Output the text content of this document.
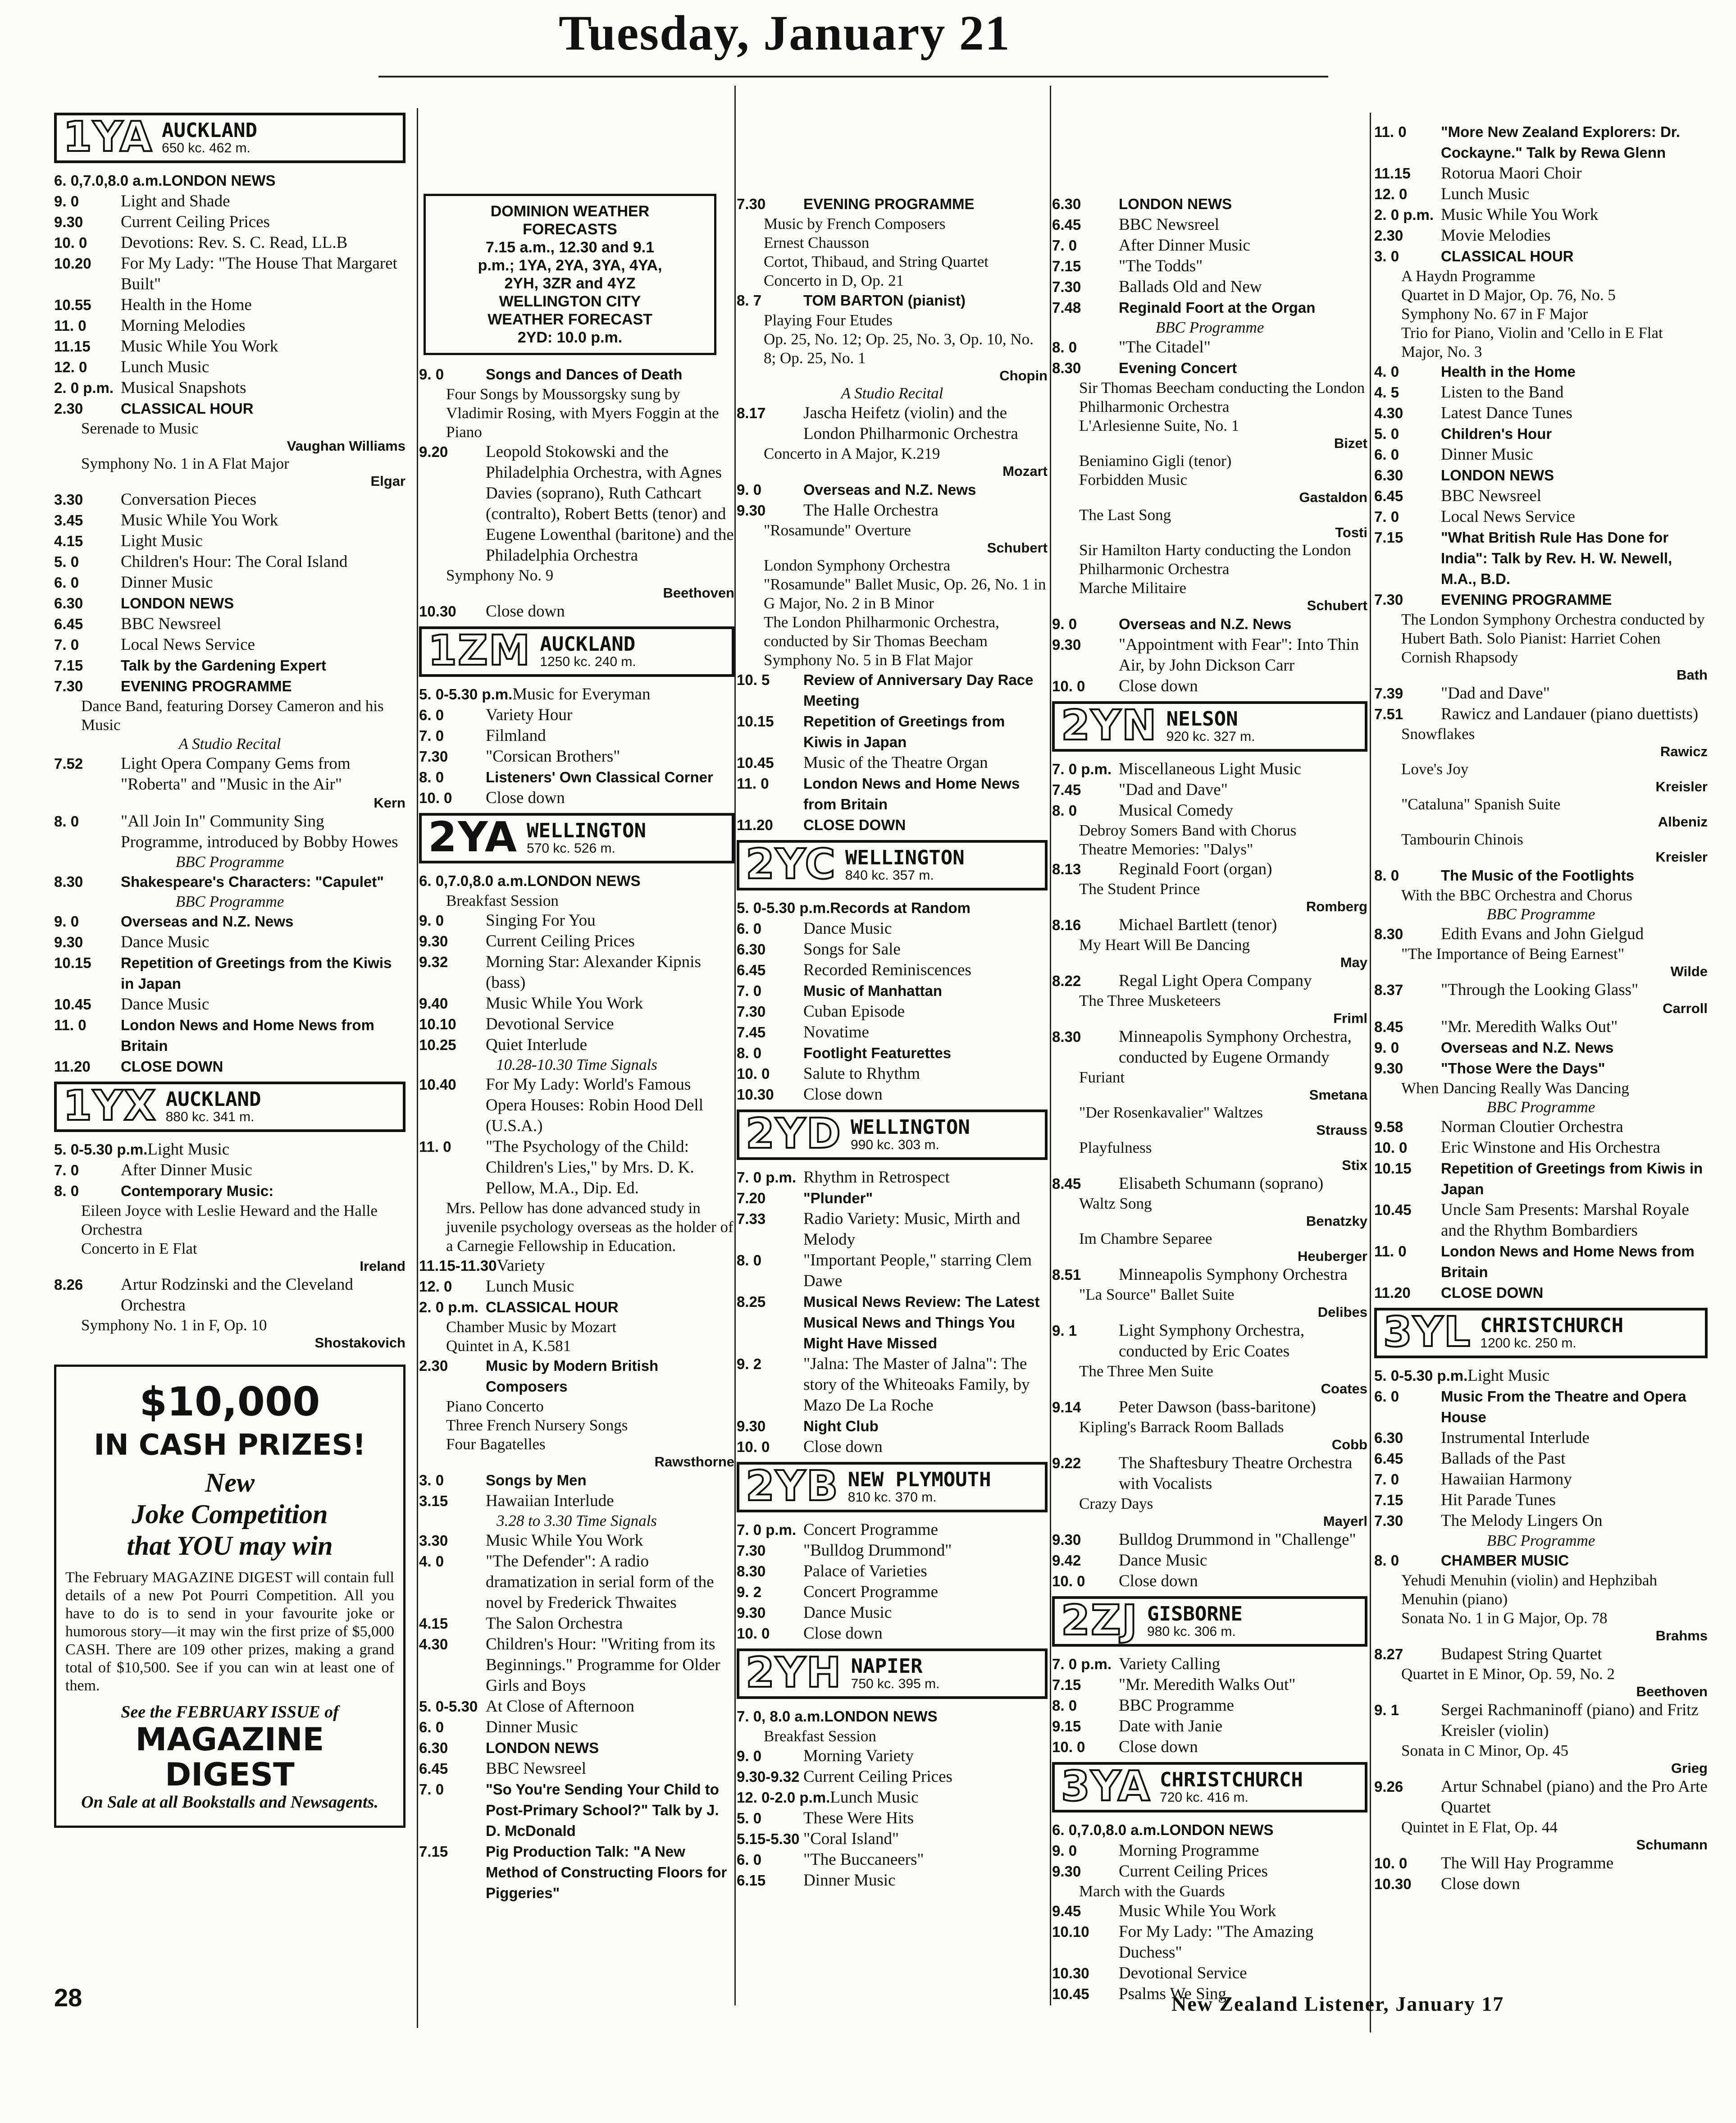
Tuesday, January 21
1YA AUCKLAND
650 kc. 462 m.
6. 0,7.0,8.0 a.m. LONDON NEWS
9. 0	Light and Shade
9.30	Current Ceiling Prices
10. 0	Devotions: Rev. S. C. Read, LL.B
10.20	For My Lady: "The House That Margaret Built"
10.55	Health in the Home
11. 0	Morning Melodies
11.15	Music While You Work
12. 0	Lunch Music
2. 0 p.m. Musical Snapshots
2.30	CLASSICAL HOUR
Serenade to Music
Vaughan Williams
Symphony No. 1 in A Flat Major
Elgar
3.30	Conversation Pieces
3.45	Music While You Work
4.15	Light Music
5. 0	Children's Hour: The Coral Island
6. 0	Dinner Music
6.30	LONDON NEWS
6.45	BBC Newsreel
7. 0	Local News Service
7.15	Talk by the Gardening Expert
7.30	EVENING PROGRAMME
Dance Band, featuring Dorsey Cameron and his Music
A Studio Recital
7.52	Light Opera Company Gems from "Roberta" and "Music in the Air"
Kern
8. 0	"All Join In" Community Sing Programme, introduced by Bobby Howes
BBC Programme
8.30	Shakespeare's Characters: "Capulet"
BBC Programme
9. 0	Overseas and N.Z. News
9.30	Dance Music
10.15	Repetition of Greetings from the Kiwis in Japan
10.45	Dance Music
11. 0	London News and Home News from Britain
11.20	CLOSE DOWN
1YX AUCKLAND
880 kc. 341 m.
5. 0-5.30 p.m. Light Music
7. 0	After Dinner Music
8. 0	Contemporary Music:
Eileen Joyce with Leslie Heward and the Halle Orchestra
Concerto in E Flat
Ireland
8.26	Artur Rodzinski and the Cleveland Orchestra
Symphony No. 1 in F, Op. 10
Shostakovich
$10,000
IN CASH PRIZES!
New
Joke Competition
that YOU may win
The February MAGAZINE DIGEST will contain full details of a new Pot Pourri Competition. All you have to do is to send in your favourite joke or humorous story—it may win the first prize of $5,000 CASH. There are 109 other prizes, making a grand total of $10,500. See if you can win at least one of them.
See the FEBRUARY ISSUE of
MAGAZINE
DIGEST
On Sale at all Bookstalls and Newsagents.
DOMINION WEATHER
FORECASTS
7.15 a.m., 12.30 and 9.1
p.m.; 1YA, 2YA, 3YA, 4YA,
2YH, 3ZR and 4YZ
WELLINGTON CITY
WEATHER FORECAST
2YD: 10.0 p.m.
9. 0	Songs and Dances of Death
Four Songs by Moussorgsky sung by Vladimir Rosing, with Myers Foggin at the Piano
9.20	Leopold Stokowski and the Philadelphia Orchestra, with Agnes Davies (soprano), Ruth Cathcart (contralto), Robert Betts (tenor) and Eugene Lowenthal (baritone) and the Philadelphia Orchestra
Symphony No. 9
Beethoven
10.30	Close down
1ZM AUCKLAND
1250 kc. 240 m.
5. 0-5.30 p.m. Music for Everyman
6. 0	Variety Hour
7. 0	Filmland
7.30	"Corsican Brothers"
8. 0	Listeners' Own Classical Corner
10. 0	Close down
2YA WELLINGTON
570 kc. 526 m.
6. 0,7.0,8.0 a.m. LONDON NEWS
Breakfast Session
9. 0	Singing For You
9.30	Current Ceiling Prices
9.32	Morning Star: Alexander Kipnis (bass)
9.40	Music While You Work
10.10	Devotional Service
10.25	Quiet Interlude
10.28-10.30 Time Signals
10.40	For My Lady: World's Famous Opera Houses: Robin Hood Dell (U.S.A.)
11. 0	"The Psychology of the Child: Children's Lies," by Mrs. D. K. Pellow, M.A., Dip. Ed.
Mrs. Pellow has done advanced study in juvenile psychology overseas as the holder of a Carnegie Fellowship in Education.
11.15-11.30 Variety
12. 0	Lunch Music
2. 0 p.m. CLASSICAL HOUR
Chamber Music by Mozart
Quintet in A, K.581
2.30	Music by Modern British Composers
Piano Concerto
Three French Nursery Songs
Four Bagatelles
Rawsthorne
3. 0	Songs by Men
3.15	Hawaiian Interlude
3.28 to 3.30 Time Signals
3.30	Music While You Work
4. 0	"The Defender": A radio dramatization in serial form of the novel by Frederick Thwaites
4.15	The Salon Orchestra
4.30	Children's Hour: "Writing from its Beginnings." Programme for Older Girls and Boys
5. 0-5.30 At Close of Afternoon
6. 0	Dinner Music
6.30	LONDON NEWS
6.45	BBC Newsreel
7. 0	"So You're Sending Your Child to Post-Primary School?" Talk by J. D. McDonald
7.15	Pig Production Talk: "A New Method of Constructing Floors for Piggeries"
7.30	EVENING PROGRAMME
Music by French Composers
Ernest Chausson
Cortot, Thibaud, and String Quartet
Concerto in D, Op. 21
8. 7	TOM BARTON (pianist)
Playing Four Etudes
Op. 25, No. 12; Op. 25, No. 3, Op. 10, No. 8; Op. 25, No. 1
Chopin
A Studio Recital
8.17	Jascha Heifetz (violin) and the London Philharmonic Orchestra
Concerto in A Major, K.219
Mozart
9. 0	Overseas and N.Z. News
9.30	The Halle Orchestra
"Rosamunde" Overture
Schubert
London Symphony Orchestra
"Rosamunde" Ballet Music, Op. 26, No. 1 in G Major, No. 2 in B Minor
The London Philharmonic Orchestra, conducted by Sir Thomas Beecham
Symphony No. 5 in B Flat Major
10. 5	Review of Anniversary Day Race Meeting
10.15	Repetition of Greetings from Kiwis in Japan
10.45	Music of the Theatre Organ
11. 0	London News and Home News from Britain
11.20	CLOSE DOWN
2YC WELLINGTON
840 kc. 357 m.
5. 0-5.30 p.m. Records at Random
6. 0	Dance Music
6.30	Songs for Sale
6.45	Recorded Reminiscences
7. 0	Music of Manhattan
7.30	Cuban Episode
7.45	Novatime
8. 0	Footlight Featurettes
10. 0	Salute to Rhythm
10.30	Close down
2YD WELLINGTON
990 kc. 303 m.
7. 0 p.m. Rhythm in Retrospect
7.20	"Plunder"
7.33	Radio Variety: Music, Mirth and Melody
8. 0	"Important People," starring Clem Dawe
8.25	Musical News Review: The Latest Musical News and Things You Might Have Missed
9. 2	"Jalna: The Master of Jalna": The story of the Whiteoaks Family, by Mazo De La Roche
9.30	Night Club
10. 0	Close down
2YB NEW PLYMOUTH
810 kc. 370 m.
7. 0 p.m. Concert Programme
7.30	"Bulldog Drummond"
8.30	Palace of Varieties
9. 2	Concert Programme
9.30	Dance Music
10. 0	Close down
2YH NAPIER
750 kc. 395 m.
7. 0, 8.0 a.m. LONDON NEWS
Breakfast Session
9. 0	Morning Variety
9.30-9.32 Current Ceiling Prices
12. 0-2.0 p.m. Lunch Music
5. 0	These Were Hits
5.15-5.30 "Coral Island"
6. 0	"The Buccaneers"
6.15	Dinner Music
6.30	LONDON NEWS
6.45	BBC Newsreel
7. 0	After Dinner Music
7.15	"The Todds"
7.30	Ballads Old and New
7.48	Reginald Foort at the Organ
BBC Programme
8. 0	"The Citadel"
8.30	Evening Concert
Sir Thomas Beecham conducting the London Philharmonic Orchestra
L'Arlesienne Suite, No. 1
Bizet
Beniamino Gigli (tenor)
Forbidden Music
Gastaldon
The Last Song
Tosti
Sir Hamilton Harty conducting the London Philharmonic Orchestra
Marche Militaire
Schubert
9. 0	Overseas and N.Z. News
9.30	"Appointment with Fear": Into Thin Air, by John Dickson Carr
10. 0	Close down
2YN NELSON
920 kc. 327 m.
7. 0 p.m. Miscellaneous Light Music
7.45	"Dad and Dave"
8. 0	Musical Comedy
Debroy Somers Band with Chorus
Theatre Memories: "Dalys"
8.13	Reginald Foort (organ)
The Student Prince
Romberg
8.16	Michael Bartlett (tenor)
My Heart Will Be Dancing
May
8.22	Regal Light Opera Company
The Three Musketeers
Friml
8.30	Minneapolis Symphony Orchestra, conducted by Eugene Ormandy
Furiant
Smetana
"Der Rosenkavalier" Waltzes
Strauss
Playfulness
Stix
8.45	Elisabeth Schumann (soprano)
Waltz Song
Benatzky
Im Chambre Separee
Heuberger
8.51	Minneapolis Symphony Orchestra
"La Source" Ballet Suite
Delibes
9. 1	Light Symphony Orchestra, conducted by Eric Coates
The Three Men Suite
Coates
9.14	Peter Dawson (bass-baritone)
Kipling's Barrack Room Ballads
Cobb
9.22	The Shaftesbury Theatre Orchestra with Vocalists
Crazy Days
Mayerl
9.30	Bulldog Drummond in "Challenge"
9.42	Dance Music
10. 0	Close down
2ZJ GISBORNE
980 kc. 306 m.
7. 0 p.m. Variety Calling
7.15	"Mr. Meredith Walks Out"
8. 0	BBC Programme
9.15	Date with Janie
10. 0	Close down
3YA CHRISTCHURCH
720 kc. 416 m.
6. 0,7.0,8.0 a.m. LONDON NEWS
9. 0	Morning Programme
9.30	Current Ceiling Prices
March with the Guards
9.45	Music While You Work
10.10	For My Lady: "The Amazing Duchess"
10.30	Devotional Service
10.45	Psalms We Sing
11. 0	"More New Zealand Explorers: Dr. Cockayne." Talk by Rewa Glenn
11.15	Rotorua Maori Choir
12. 0	Lunch Music
2. 0 p.m. Music While You Work
2.30	Movie Melodies
3. 0	CLASSICAL HOUR
A Haydn Programme
Quartet in D Major, Op. 76, No. 5
Symphony No. 67 in F Major
Trio for Piano, Violin and 'Cello in E Flat Major, No. 3
4. 0	Health in the Home
4. 5	Listen to the Band
4.30	Latest Dance Tunes
5. 0	Children's Hour
6. 0	Dinner Music
6.30	LONDON NEWS
6.45	BBC Newsreel
7. 0	Local News Service
7.15	"What British Rule Has Done for India": Talk by Rev. H. W. Newell, M.A., B.D.
7.30	EVENING PROGRAMME
The London Symphony Orchestra conducted by Hubert Bath. Solo Pianist: Harriet Cohen
Cornish Rhapsody
Bath
7.39	"Dad and Dave"
7.51	Rawicz and Landauer (piano duettists)
Snowflakes
Rawicz
Love's Joy
Kreisler
"Cataluna" Spanish Suite
Albeniz
Tambourin Chinois
Kreisler
8. 0	The Music of the Footlights
With the BBC Orchestra and Chorus
BBC Programme
8.30	Edith Evans and John Gielgud
"The Importance of Being Earnest"
Wilde
8.37	"Through the Looking Glass"
Carroll
8.45	"Mr. Meredith Walks Out"
9. 0	Overseas and N.Z. News
9.30	"Those Were the Days"
When Dancing Really Was Dancing
BBC Programme
9.58	Norman Cloutier Orchestra
10. 0	Eric Winstone and His Orchestra
10.15	Repetition of Greetings from Kiwis in Japan
10.45	Uncle Sam Presents: Marshal Royale and the Rhythm Bombardiers
11. 0	London News and Home News from Britain
11.20	CLOSE DOWN
3YL CHRISTCHURCH
1200 kc. 250 m.
5. 0-5.30 p.m. Light Music
6. 0	Music From the Theatre and Opera House
6.30	Instrumental Interlude
6.45	Ballads of the Past
7. 0	Hawaiian Harmony
7.15	Hit Parade Tunes
7.30	The Melody Lingers On
BBC Programme
8. 0	CHAMBER MUSIC
Yehudi Menuhin (violin) and Hephzibah Menuhin (piano)
Sonata No. 1 in G Major, Op. 78
Brahms
8.27	Budapest String Quartet
Quartet in E Minor, Op. 59, No. 2
Beethoven
9. 1	Sergei Rachmaninoff (piano) and Fritz Kreisler (violin)
Sonata in C Minor, Op. 45
Grieg
9.26	Artur Schnabel (piano) and the Pro Arte Quartet
Quintet in E Flat, Op. 44
Schumann
10. 0	The Will Hay Programme
10.30	Close down
28	New Zealand Listener, January 17
